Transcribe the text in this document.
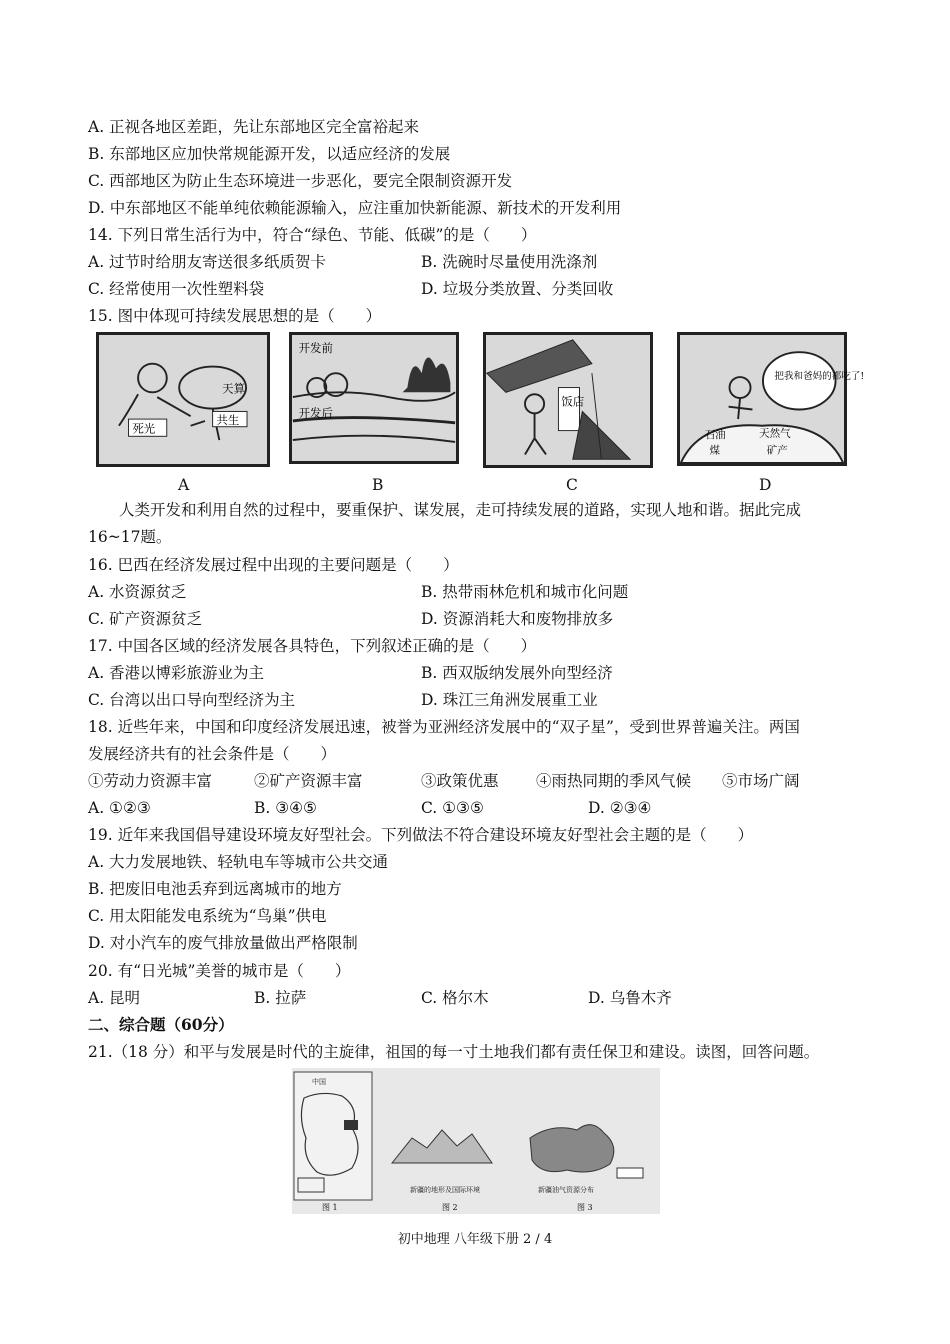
A. 正视各地区差距，先让东部地区完全富裕起来
B. 东部地区应加快常规能源开发，以适应经济的发展
C. 西部地区为防止生态环境进一步恶化，要完全限制资源开发
D. 中东部地区不能单纯依赖能源输入，应注重加快新能源、新技术的开发利用
14. 下列日常生活行为中，符合“绿色、节能、低碳”的是（　　）
A. 过节时给朋友寄送很多纸质贺卡	B. 洗碗时尽量使用洗涤剂
C. 经常使用一次性塑料袋	D. 垃圾分类放置、分类回收
15. 图中体现可持续发展思想的是（　　）
死光
共生
天算
开发前
开发后
饭店
把我和爸妈的都吃了!
石油	天然气
煤	矿产
A	B	C	D
人类开发和利用自然的过程中，要重保护、谋发展，走可持续发展的道路，实现人地和谐。据此完成
16~17题。
16. 巴西在经济发展过程中出现的主要问题是（　　）
A. 水资源贫乏	B. 热带雨林危机和城市化问题
C. 矿产资源贫乏	D. 资源消耗大和废物排放多
17. 中国各区域的经济发展各具特色，下列叙述正确的是（　　）
A. 香港以博彩旅游业为主	B. 西双版纳发展外向型经济
C. 台湾以出口导向型经济为主	D. 珠江三角洲发展重工业
18. 近些年来，中国和印度经济发展迅速，被誉为亚洲经济发展中的“双子星”，受到世界普遍关注。两国
发展经济共有的社会条件是（　　）
①劳动力资源丰富	②矿产资源丰富	③政策优惠 ④雨热同期的季风气候 ⑤市场广阔
A. ①②③	B. ③④⑤	C. ①③⑤	D. ②③④
19. 近年来我国倡导建设环境友好型社会。下列做法不符合建设环境友好型社会主题的是（　　）
A. 大力发展地铁、轻轨电车等城市公共交通
B. 把废旧电池丢弃到远离城市的地方
C. 用太阳能发电系统为“鸟巢”供电
D. 对小汽车的废气排放量做出严格限制
20. 有“日光城”美誉的城市是（　　）
A. 昆明	B. 拉萨	C. 格尔木	D. 乌鲁木齐
二、综合题（60分）
21.（18 分）和平与发展是时代的主旋律，祖国的每一寸土地我们都有责任保卫和建设。读图，回答问题。
中国
新疆的地形及国际环境	新疆油气资源分布
图 1	图 2	图 3
初中地理 八年级下册 2 / 4
